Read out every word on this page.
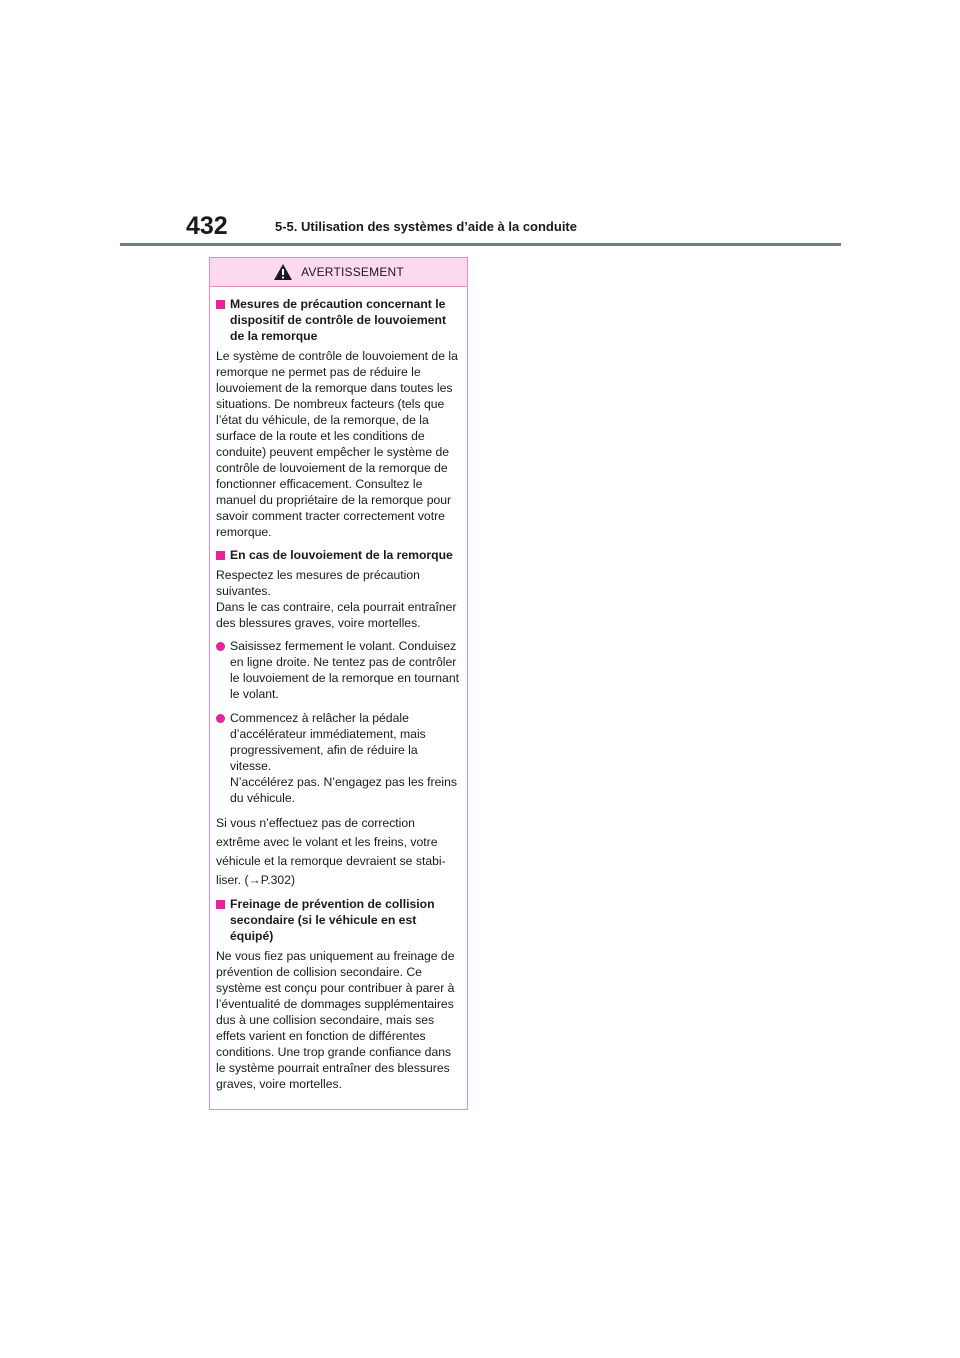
432	5-5. Utilisation des systèmes d’aide à la conduite
AVERTISSEMENT
Mesures de précaution concernant le dispositif de contrôle de louvoiement de la remorque

Le système de contrôle de louvoiement de la remorque ne permet pas de réduire le louvoiement de la remorque dans toutes les situations. De nombreux facteurs (tels que l’état du véhicule, de la remorque, de la surface de la route et les conditions de conduite) peuvent empêcher le système de contrôle de louvoiement de la remorque de fonctionner efficacement. Consultez le manuel du propriétaire de la remorque pour savoir comment tracter correctement votre remorque.

En cas de louvoiement de la remorque

Respectez les mesures de précaution suivantes.
Dans le cas contraire, cela pourrait entraîner des blessures graves, voire mortelles.

Saisissez fermement le volant. Conduisez en ligne droite. Ne tentez pas de contrôler le louvoiement de la remorque en tournant le volant.
Commencez à relâcher la pédale d’accélérateur immédiatement, mais progressivement, afin de réduire la vitesse.
N’accélérez pas. N’engagez pas les freins du véhicule.

Si vous n’effectuez pas de correction

extrême avec le volant et les freins, votre

véhicule et la remorque devraient se stabi-

liser. (→P.302)

Freinage de prévention de collision secondaire (si le véhicule en est équipé)

Ne vous fiez pas uniquement au freinage de prévention de collision secondaire. Ce système est conçu pour contribuer à parer à l’éventualité de dommages supplémentaires dus à une collision secondaire, mais ses effets varient en fonction de différentes conditions. Une trop grande confiance dans le système pourrait entraîner des blessures graves, voire mortelles.
